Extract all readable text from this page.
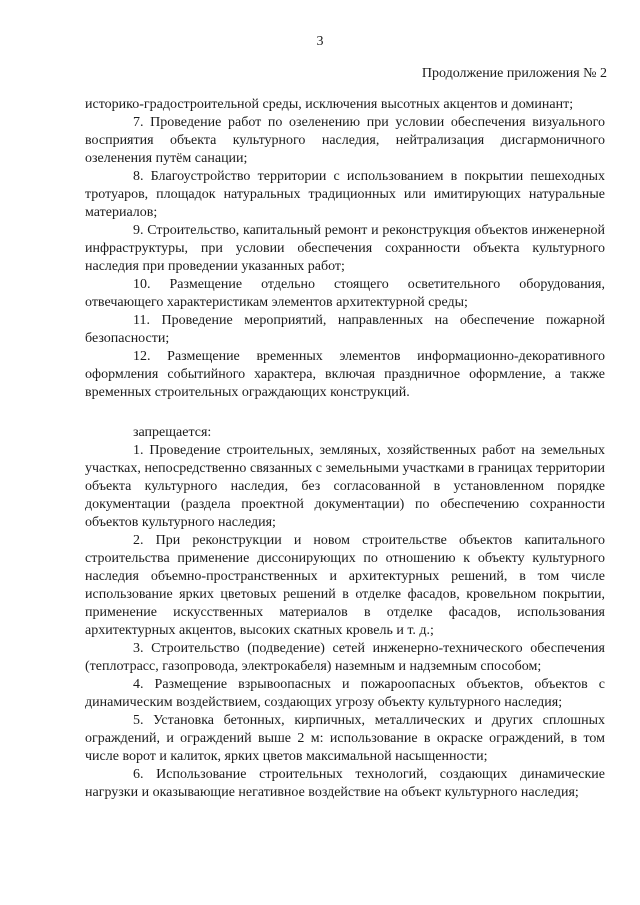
3
Продолжение приложения № 2

историко-градостроительной среды, исключения высотных акцентов и доминант;

7. Проведение работ по озеленению при условии обеспечения визуального восприятия объекта культурного наследия, нейтрализация дисгармоничного озеленения путём санации;

8. Благоустройство территории с использованием в покрытии пешеходных тротуаров, площадок натуральных традиционных или имитирующих натуральные материалов;

9. Строительство, капитальный ремонт и реконструкция объектов инженерной инфраструктуры, при условии обеспечения сохранности объекта культурного наследия при проведении указанных работ;

10. Размещение отдельно стоящего осветительного оборудования, отвечающего характеристикам элементов архитектурной среды;

11. Проведение мероприятий, направленных на обеспечение пожарной безопасности;

12. Размещение временных элементов информационно-декоративного оформления событийного характера, включая праздничное оформление, а также временных строительных ограждающих конструкций.

запрещается:

1. Проведение строительных, земляных, хозяйственных работ на земельных участках, непосредственно связанных с земельными участками в границах территории объекта культурного наследия, без согласованной в установленном порядке документации (раздела проектной документации) по обеспечению сохранности объектов культурного наследия;

2. При реконструкции и новом строительстве объектов капитального строительства применение диссонирующих по отношению к объекту культурного наследия объемно-пространственных и архитектурных решений, в том числе использование ярких цветовых решений в отделке фасадов, кровельном покрытии, применение искусственных материалов в отделке фасадов, использования архитектурных акцентов, высоких скатных кровель и т. д.;

3. Строительство (подведение) сетей инженерно-технического обеспечения (теплотрасс, газопровода, электрокабеля) наземным и надземным способом;

4. Размещение взрывоопасных и пожароопасных объектов, объектов с динамическим воздействием, создающих угрозу объекту культурного наследия;

5. Установка бетонных, кирпичных, металлических и других сплошных ограждений, и ограждений выше 2 м: использование в окраске ограждений, в том числе ворот и калиток, ярких цветов максимальной насыщенности;

6. Использование строительных технологий, создающих динамические нагрузки и оказывающие негативное воздействие на объект культурного наследия;
